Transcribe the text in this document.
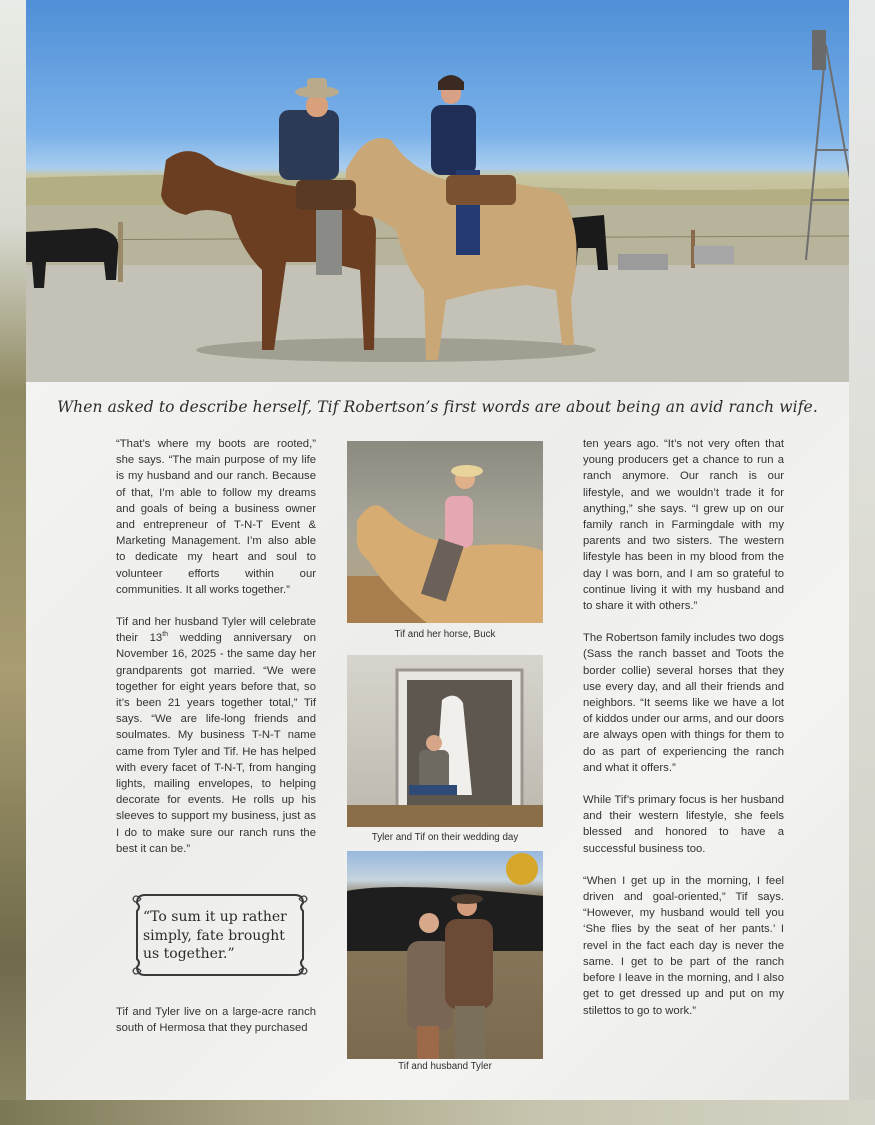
When asked to describe herself, Tif Robertson’s first words are about being an avid ranch wife.

“That’s where my boots are rooted,” she says. “The main purpose of my life is my husband and our ranch. Because of that, I’m able to follow my dreams and goals of being a business owner and entrepreneur of T-N-T Event & Marketing Management. I’m also able to dedicate my heart and soul to volunteer efforts within our communities. It all works together.”

Tif and her husband Tyler will celebrate their 13th wedding anniversary on November 16, 2025 - the same day her grandparents got married. “We were together for eight years before that, so it’s been 21 years together total,” Tif says. “We are life-long friends and soulmates. My business T-N-T name came from Tyler and Tif. He has helped with every facet of T-N-T, from hanging lights, mailing envelopes, to helping decorate for events. He rolls up his sleeves to support my business, just as I do to make sure our ranch runs the best it can be.”

“To sum it up rather simply, fate brought us together.”

Tif and Tyler live on a large-acre ranch south of Hermosa that they purchased

Tif and her horse, Buck
Tyler and Tif on their wedding day
Tif and husband Tyler

ten years ago. “It’s not very often that young producers get a chance to run a ranch anymore. Our ranch is our lifestyle, and we wouldn’t trade it for anything,” she says. “I grew up on our family ranch in Farmingdale with my parents and two sisters. The western lifestyle has been in my blood from the day I was born, and I am so grateful to continue living it with my husband and to share it with others.”

The Robertson family includes two dogs (Sass the ranch basset and Toots the border collie) several horses that they use every day, and all their friends and neighbors. “It seems like we have a lot of kiddos under our arms, and our doors are always open with things for them to do as part of experiencing the ranch and what it offers.”

While Tif’s primary focus is her husband and their western lifestyle, she feels blessed and honored to have a successful business too.

“When I get up in the morning, I feel driven and goal-oriented,” Tif says. “However, my husband would tell you ‘She flies by the seat of her pants.’ I revel in the fact each day is never the same. I get to be part of the ranch before I leave in the morning, and I also get to get dressed up and put on my stilettos to go to work.”
